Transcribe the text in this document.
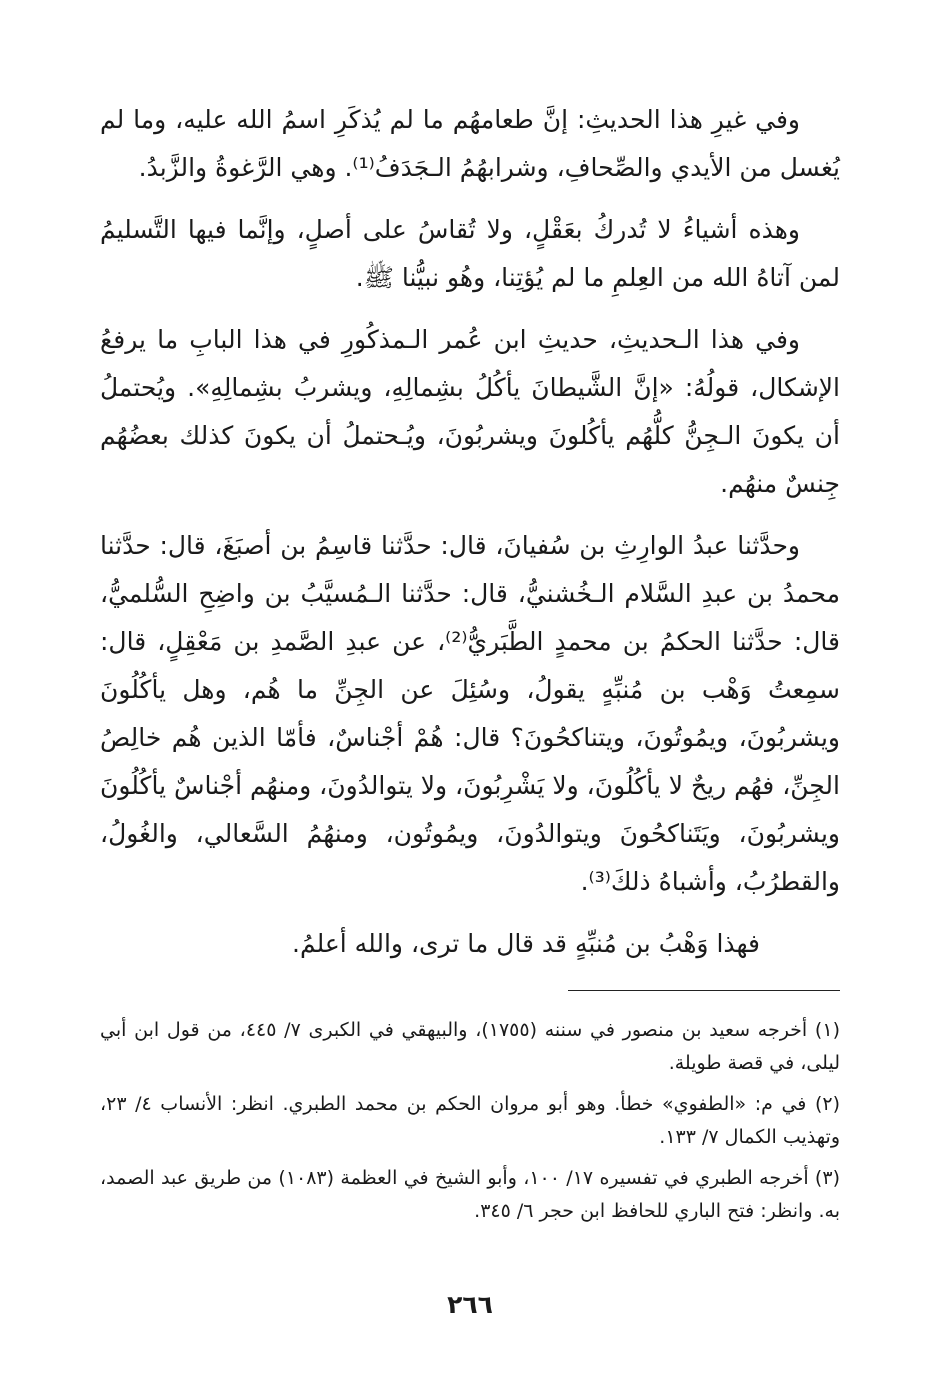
وفي غيرِ هذا الحديثِ: إنَّ طعامهُم ما لم يُذكَرِ اسمُ الله عليه، وما لم يُغسل من الأيدي والصِّحافِ، وشرابهُمُ الـجَدَفُ⁽¹⁾. وهي الرَّغوةُ والزَّبدُ.

وهذه أشياءُ لا تُدركُ بعَقْلٍ، ولا تُقاسُ على أصلٍ، وإنَّما فيها التَّسليمُ لمن آتاهُ الله من العِلمِ ما لم يُؤتِنا، وهُو نبيُّنا ﷺ.

وفي هذا الـحديثِ، حديثِ ابن عُمر الـمذكُورِ في هذا البابِ ما يرفعُ الإشكال، قولُهُ: «إنَّ الشَّيطانَ يأكُلُ بشِمالِهِ، ويشربُ بشِمالِهِ». ويُحتملُ أن يكونَ الـجِنُّ كلُّهُم يأكُلونَ ويشربُونَ، ويُـحتملُ أن يكونَ كذلك بعضُهُم جِنسٌ منهُم.

وحدَّثنا عبدُ الوارِثِ بن سُفيانَ، قال: حدَّثنا قاسِمُ بن أصبَغَ، قال: حدَّثنا محمدُ بن عبدِ السَّلام الـخُشنيُّ، قال: حدَّثنا الـمُسيَّبُ بن واضِحِ السُّلميُّ، قال: حدَّثنا الحكمُ بن محمدٍ الطَّبَريُّ⁽²⁾، عن عبدِ الصَّمدِ بن مَعْقِلٍ، قال: سمِعتُ وَهْب بن مُنبِّهٍ يقولُ، وسُئِلَ عن الجِنِّ ما هُم، وهل يأكُلُونَ ويشربُونَ، ويمُوتُونَ، ويتناكحُونَ؟ قال: هُمْ أجْناسٌ، فأمّا الذين هُم خالِصُ الجِنِّ، فهُم ريحٌ لا يأكُلُونَ، ولا يَشْرِبُونَ، ولا يتوالدُونَ، ومنهُم أجْناسٌ يأكُلُونَ ويشربُونَ، ويَتَناكحُونَ ويتوالدُونَ، ويمُوتُون، ومنهُمُ السَّعالي، والغُولُ، والقطرُبُ، وأشباهُ ذلكَ⁽³⁾.

فهذا وَهْبُ بن مُنبِّهٍ قد قال ما ترى، والله أعلمُ.

(١) أخرجه سعيد بن منصور في سننه (١٧٥٥)، والبيهقي في الكبرى ٧/ ٤٤٥، من قول ابن أبي ليلى، في قصة طويلة.

(٢) في م: «الطفوي» خطأ. وهو أبو مروان الحكم بن محمد الطبري. انظر: الأنساب ٤/ ٢٣، وتهذيب الكمال ٧/ ١٣٣.

(٣) أخرجه الطبري في تفسيره ١٧/ ١٠٠، وأبو الشيخ في العظمة (١٠٨٣) من طريق عبد الصمد، به. وانظر: فتح الباري للحافظ ابن حجر ٦/ ٣٤٥.

٢٦٦
